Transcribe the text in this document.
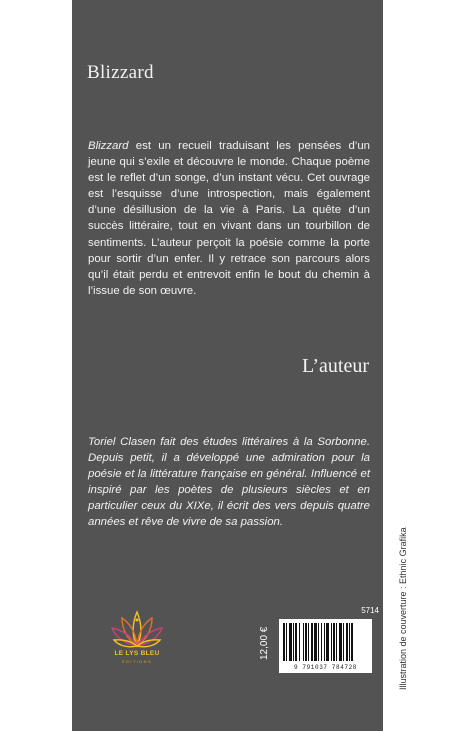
Blizzard

Blizzard est un recueil traduisant les pensées d’un jeune qui s’exile et découvre le monde. Chaque poème est le reflet d’un songe, d’un instant vécu. Cet ouvrage est l’esquisse d’une introspection, mais également d’une désillusion de la vie à Paris. La quête d’un succès littéraire, tout en vivant dans un tourbillon de sentiments. L’auteur perçoit la poésie comme la porte pour sortir d’un enfer. Il y retrace son parcours alors qu’il était perdu et entrevoit enfin le bout du chemin à l’issue de son œuvre.

L’auteur

Toriel Clasen fait des études littéraires à la Sorbonne. Depuis petit, il a développé une admiration pour la poésie et la littérature française en général. Influencé et inspiré par les poètes de plusieurs siècles et en particulier ceux du XIXe, il écrit des vers depuis quatre années et rêve de vivre de sa passion.

LE LYS BLEU
ÉDITIONS
5714
12,00 €
9 791037 784728	Illustration de couverture : Ethnic Grafika
